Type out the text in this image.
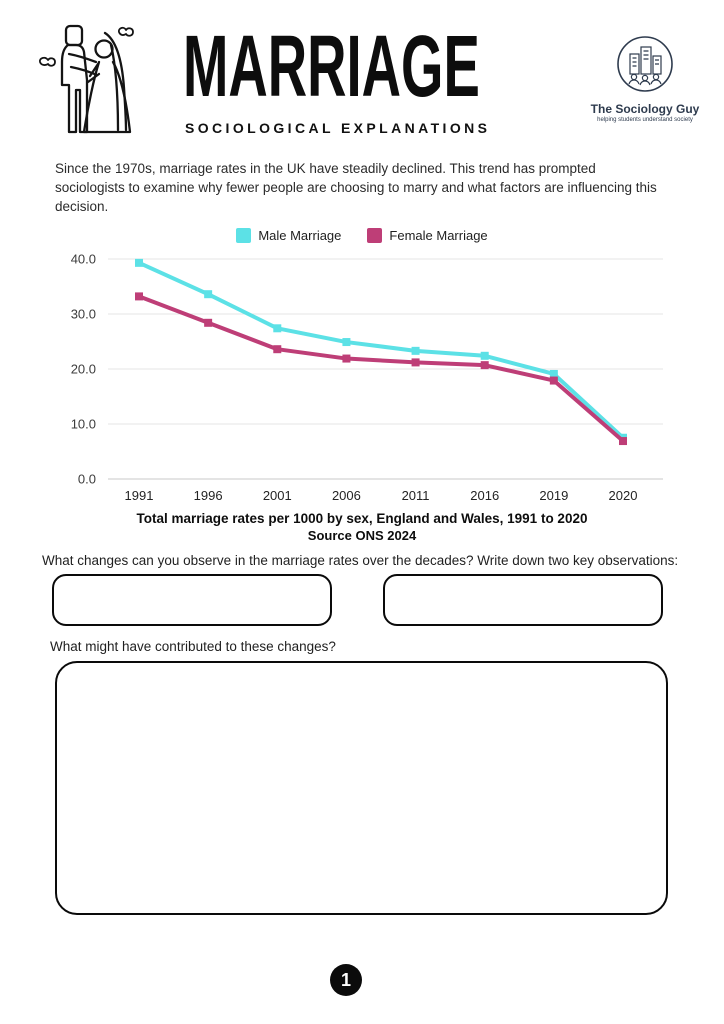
MARRIAGE
SOCIOLOGICAL EXPLANATIONS
The Sociology Guy
helping students understand society

Since the 1970s, marriage rates in the UK have steadily declined. This trend has prompted sociologists to examine why fewer people are choosing to marry and what factors are influencing this decision.

Male Marriage	Female Marriage
0.0
10.0
20.0
30.0
40.0
1991	1996	2001	2006	2011	2016	2019	2020
Total marriage rates per 1000 by sex, England and Wales, 1991 to 2020
Source ONS 2024

What changes can you observe in the marriage rates over the decades? Write down two key observations:

What might have contributed to these changes?

1
